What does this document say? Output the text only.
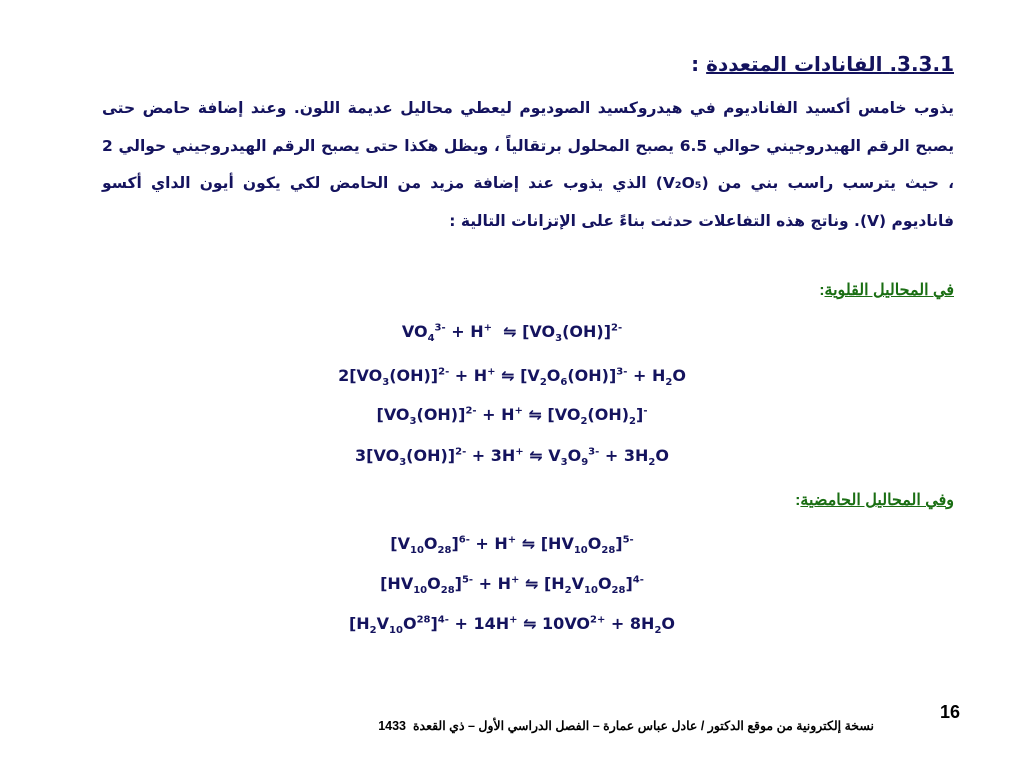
3.3.1. الفانادات المتعددة :
يذوب خامس أكسيد الفاناديوم في هيدروكسيد الصوديوم ليعطي محاليل عديمة اللون. وعند إضافة حامض حتى يصبح الرقم الهيدروجيني حوالي 6.5 يصبح المحلول برتقالياً ، ويظل هكذا حتى يصبح الرقم الهيدروجيني حوالي 2 ، حيث يترسب راسب بني من (V₂O₅) الذي يذوب عند إضافة مزيد من الحامض لكي يكون أيون الداي أكسو فاناديوم (V). وناتج هذه التفاعلات حدثت بناءً على الإتزانات التالية :
في المحاليل القلوية:
$VO_4^{3-} + H^+$  ⇋ $[VO_3(OH)]^{2-}$
$2[VO_3(OH)]^{2-} + H^+$ ⇋ $[V_2O_6(OH)]^{3-} + H_2O$
$[VO_3(OH)]^{2-} + H^+$ ⇋ $[VO_2(OH)_2]^-$
$3[VO_3(OH)]^{2-} + 3H^+$ ⇋ $V_3O_9^{3-} + 3H_2O$
وفي المحاليل الحامضية:
$[V_{10}O_{28}]^{6-} + H^+$ ⇋ $[HV_{10}O_{28}]^{5-}$
$[HV_{10}O_{28}]^{5-} + H^+$ ⇋ $[H_2V_{10}O_{28}]^{4-}$
$[H_2V_{10}O^{28}]^{4-} + 14H^+$ ⇋ $10VO^{2+} + 8H_2O$
16
نسخة إلكترونية من موقع الدكتور / عادل عباس عمارة – الفصل الدراسي الأول – ذي القعدة  1433
